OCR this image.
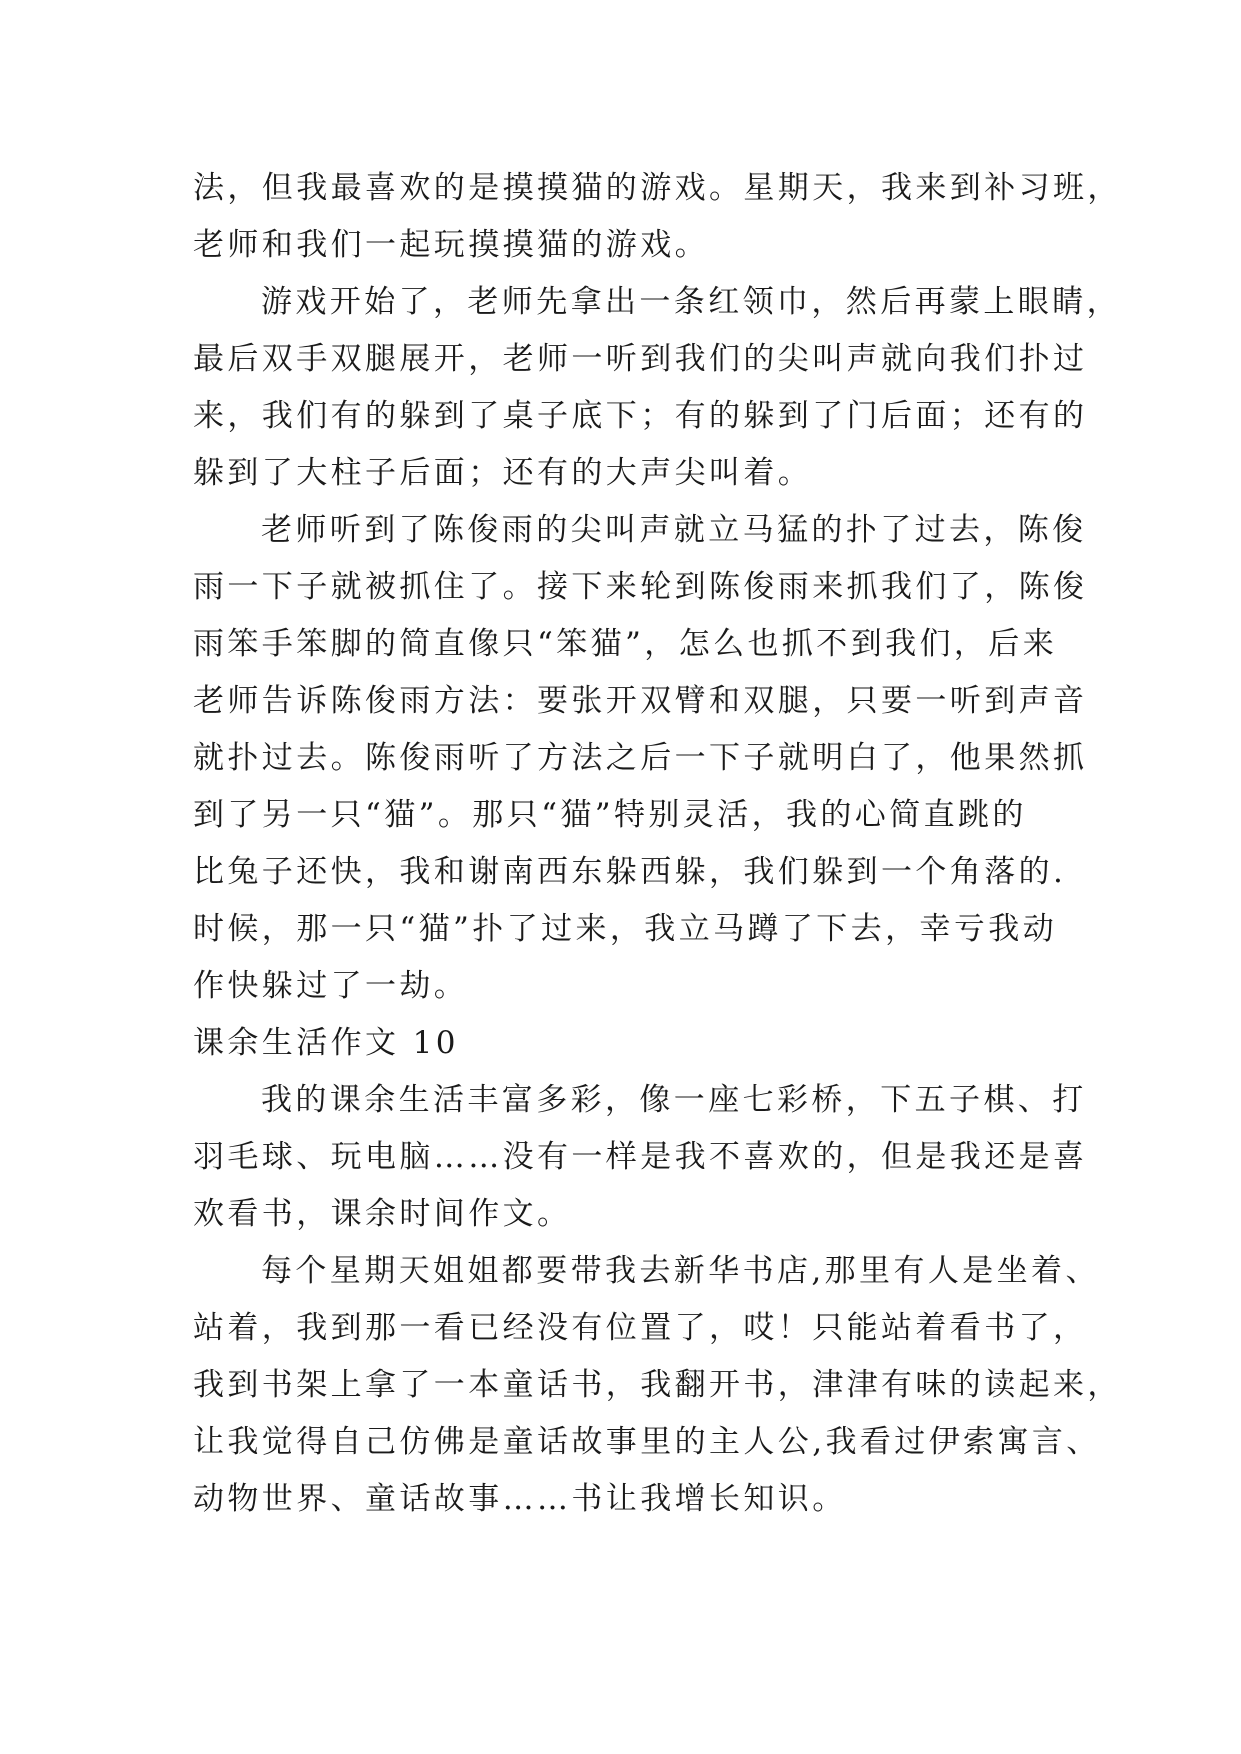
法，但我最喜欢的是摸摸猫的游戏。星期天，我来到补习班，
老师和我们一起玩摸摸猫的游戏。
游戏开始了，老师先拿出一条红领巾，然后再蒙上眼睛，
最后双手双腿展开，老师一听到我们的尖叫声就向我们扑过
来，我们有的躲到了桌子底下；有的躲到了门后面；还有的
躲到了大柱子后面；还有的大声尖叫着。
老师听到了陈俊雨的尖叫声就立马猛的扑了过去，陈俊
雨一下子就被抓住了。接下来轮到陈俊雨来抓我们了，陈俊
雨笨手笨脚的简直像只“笨猫”，怎么也抓不到我们，后来
老师告诉陈俊雨方法：要张开双臂和双腿，只要一听到声音
就扑过去。陈俊雨听了方法之后一下子就明白了，他果然抓
到了另一只“猫”。那只“猫”特别灵活，我的心简直跳的
比兔子还快，我和谢南西东躲西躲，我们躲到一个角落的.
时候，那一只“猫”扑了过来，我立马蹲了下去，幸亏我动
作快躲过了一劫。
课余生活作文 10
我的课余生活丰富多彩，像一座七彩桥，下五子棋、打
羽毛球、玩电脑……没有一样是我不喜欢的，但是我还是喜
欢看书，课余时间作文。
每个星期天姐姐都要带我去新华书店,那里有人是坐着、
站着，我到那一看已经没有位置了，哎！只能站着看书了，
我到书架上拿了一本童话书，我翻开书，津津有味的读起来，
让我觉得自己仿佛是童话故事里的主人公,我看过伊索寓言、
动物世界、童话故事……书让我增长知识。
